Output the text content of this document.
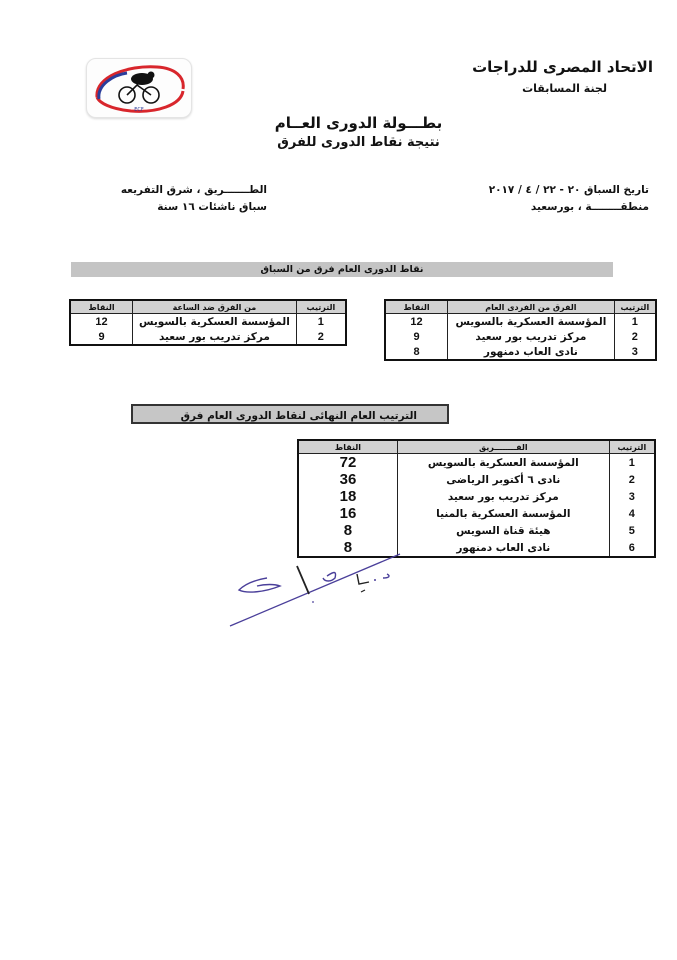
الاتحاد المصرى للدراجات
لجنة المسابقات
ECF
بطـــولة الدورى العــام
نتيجة نقاط الدورى للفرق
تاريخ السباق ٢٠ - ٢٢ / ٤ / ٢٠١٧
منطقــــــــة ، بورسعيد
الطـــــــريق ، شرق التفريعه
سباق ناشئات ١٦ سنة
نقاط الدورى العام فرق من السباق
الترتيب	الفرق من الفردى العام	النقاط
1	المؤسسة العسكرية بالسويس	12
2	مركز تدريب بور سعيد	9
3	نادى العاب دمنهور	8
الترتيب	من الفرق ضد الساعة	النقاط
1	المؤسسة العسكرية بالسويس	12
2	مركز تدريب بور سعيد	9
الترتيب العام النهائى لنقاط الدورى العام فرق
الترتيب	الفــــــــريق	النقاط
1	المؤسسة العسكرية بالسويس	72
2	نادى ٦ أكتوبر الرياضى	36
3	مركز تدريب بور سعيد	18
4	المؤسسة العسكرية بالمنيا	16
5	هيئة قناة السويس	8
6	نادى العاب دمنهور	8
